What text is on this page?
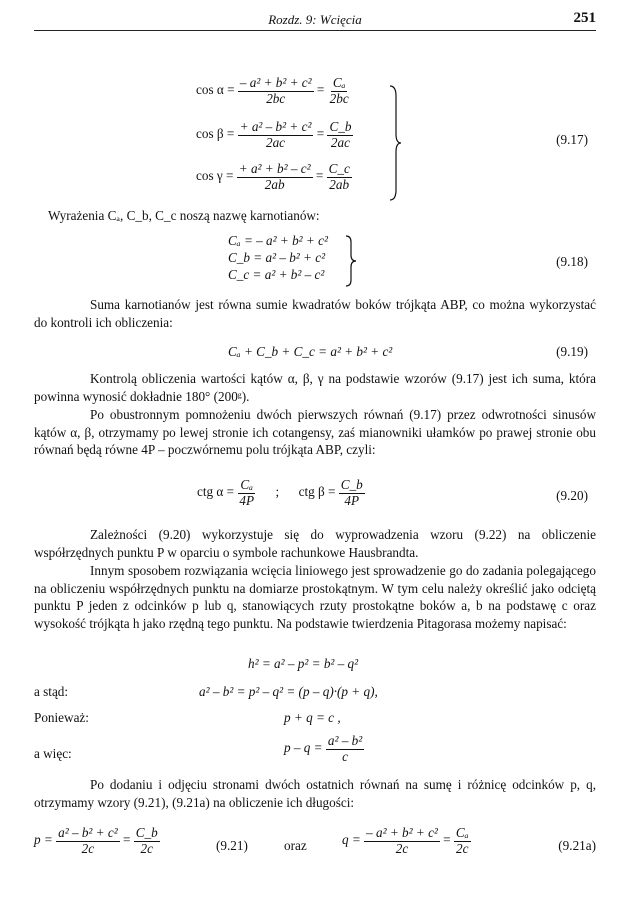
Rozdz. 9: Wcięcia	251
$\cos \alpha = \frac{\text{– a² + b² + c²}}{2bc} = \frac{\text{Cₐ}}{2bc}$
$\cos \beta = \frac{\text{+ a² – b² + c²}}{2ac} = \frac{C\_b}{2ac}$
$\cos \gamma = \frac{\text{+ a² + b² – c²}}{2ab} = \frac{C\_c}{2ab}$
(9.17)
Wyrażenia Cₐ, C_b, C_c noszą nazwę karnotianów:
Cₐ = – a² + b² + c²
C_b = a² – b² + c²
C_c = a² + b² – c²
(9.18)
Suma karnotianów jest równa sumie kwadratów boków trójkąta ABP, co można wykorzystać do kontroli ich obliczenia:
Cₐ + C_b + C_c = a² + b² + c²	(9.19)
Kontrolą obliczenia wartości kątów α, β, γ na podstawie wzorów (9.17) jest ich suma, która powinna wynosić dokładnie 180° (200ᵍ).
Po obustronnym pomnożeniu dwóch pierwszych równań (9.17) przez odwrotności sinusów kątów α, β, otrzymamy po lewej stronie ich cotangensy, zaś mianowniki ułamków po prawej stronie obu równań będą równe 4P – poczwórnemu polu trójkąta ABP, czyli:
ctg $\alpha = \frac{\text{Cₐ}}{4P}$ ; ctg $\beta = \frac{C\_b}{4P}$	(9.20)
Zależności (9.20) wykorzystuje się do wyprowadzenia wzoru (9.22) na obliczenie współrzędnych punktu P w oparciu o symbole rachunkowe Hausbrandta.
Innym sposobem rozwiązania wcięcia liniowego jest sprowadzenie go do zadania polegającego na obliczeniu współrzędnych punktu na domiarze prostokątnym. W tym celu należy określić jako odciętą punktu P jeden z odcinków p lub q, stanowiących rzuty prostokątne boków a, b na podstawę c oraz wysokość trójkąta h jako rzędną tego punktu. Na podstawie twierdzenia Pitagorasa możemy napisać:
h² = a² – p² = b² – q²
a stąd:	a² – b² = p² – q² = (p – q)·(p + q),
Ponieważ:	p + q = c ,
a więc:	$p - q = \frac{\text{a² – b²}}{c}$
Po dodaniu i odjęciu stronami dwóch ostatnich równań na sumę i różnicę odcinków p, q, otrzymamy wzory (9.21), (9.21a) na obliczenie ich długości:
$p = \frac{\text{a² – b² + c²}}{2c} = \frac{C\_b}{2c}$	(9.21)	oraz	$q = \frac{\text{– a² + b² + c²}}{2c} = \frac{\text{Cₐ}}{2c}$	(9.21a)
